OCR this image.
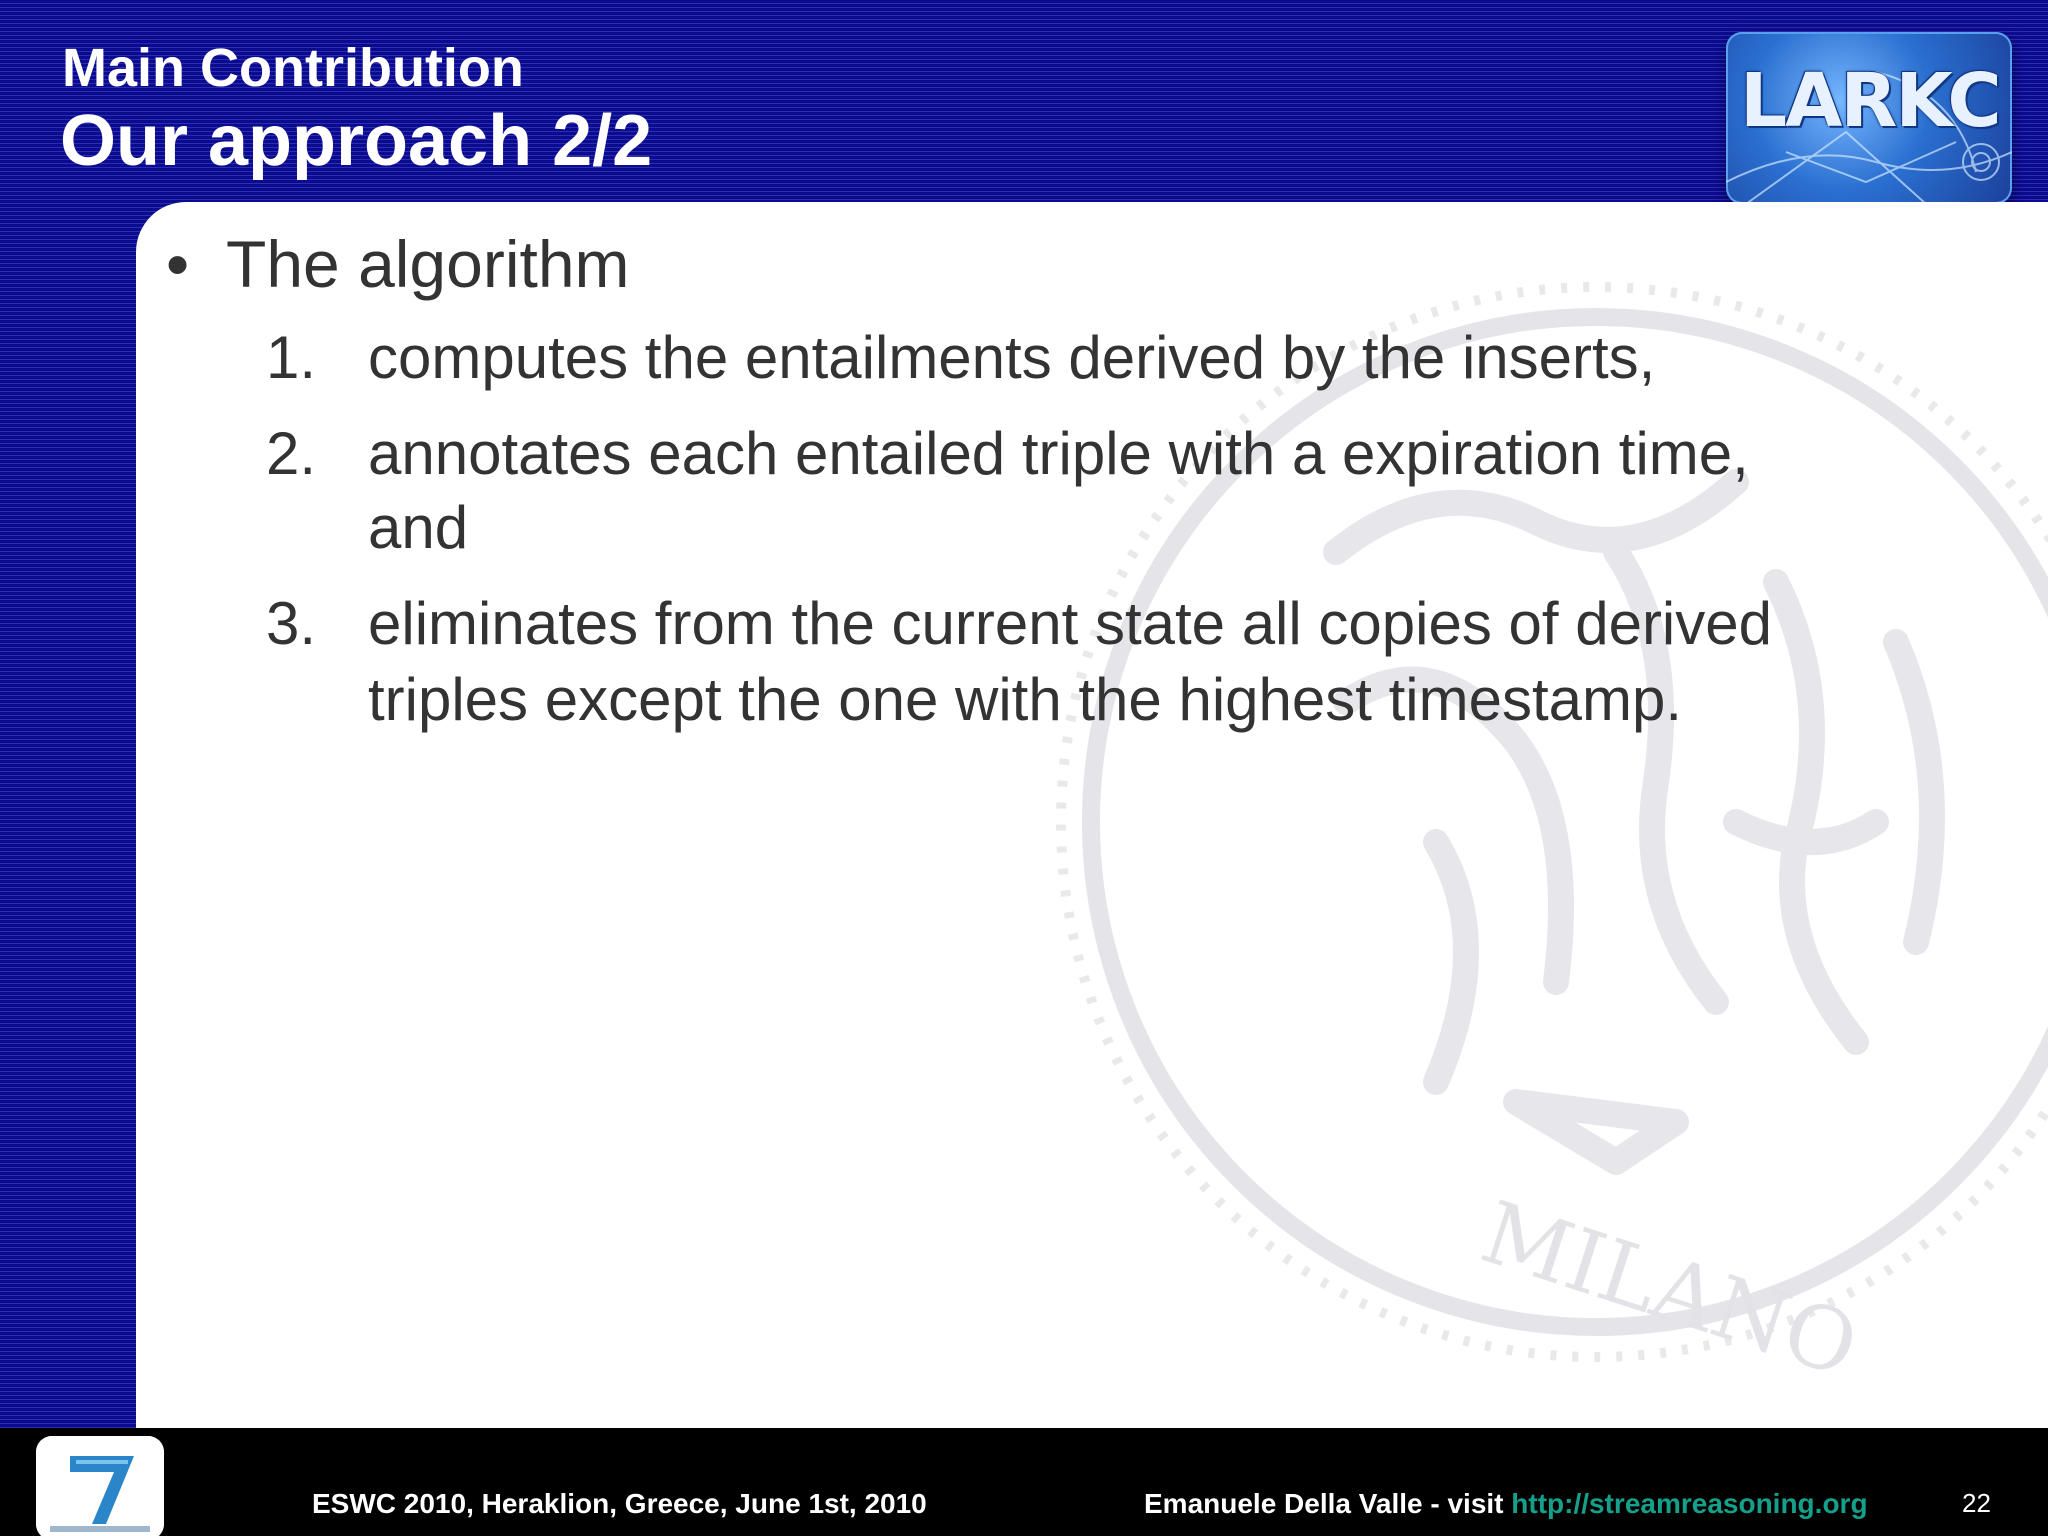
Main Contribution
Our approach 2/2	LARKC
MILANO
• The algorithm
1. computes the entailments derived by the inserts,
2. annotates each entailed triple with a expiration time,
and
3. eliminates from the current state all copies of derived
triples except the one with the highest timestamp.
ESWC 2010, Heraklion, Greece, June 1st, 2010	Emanuele Della Valle - visit http://streamreasoning.org	22
